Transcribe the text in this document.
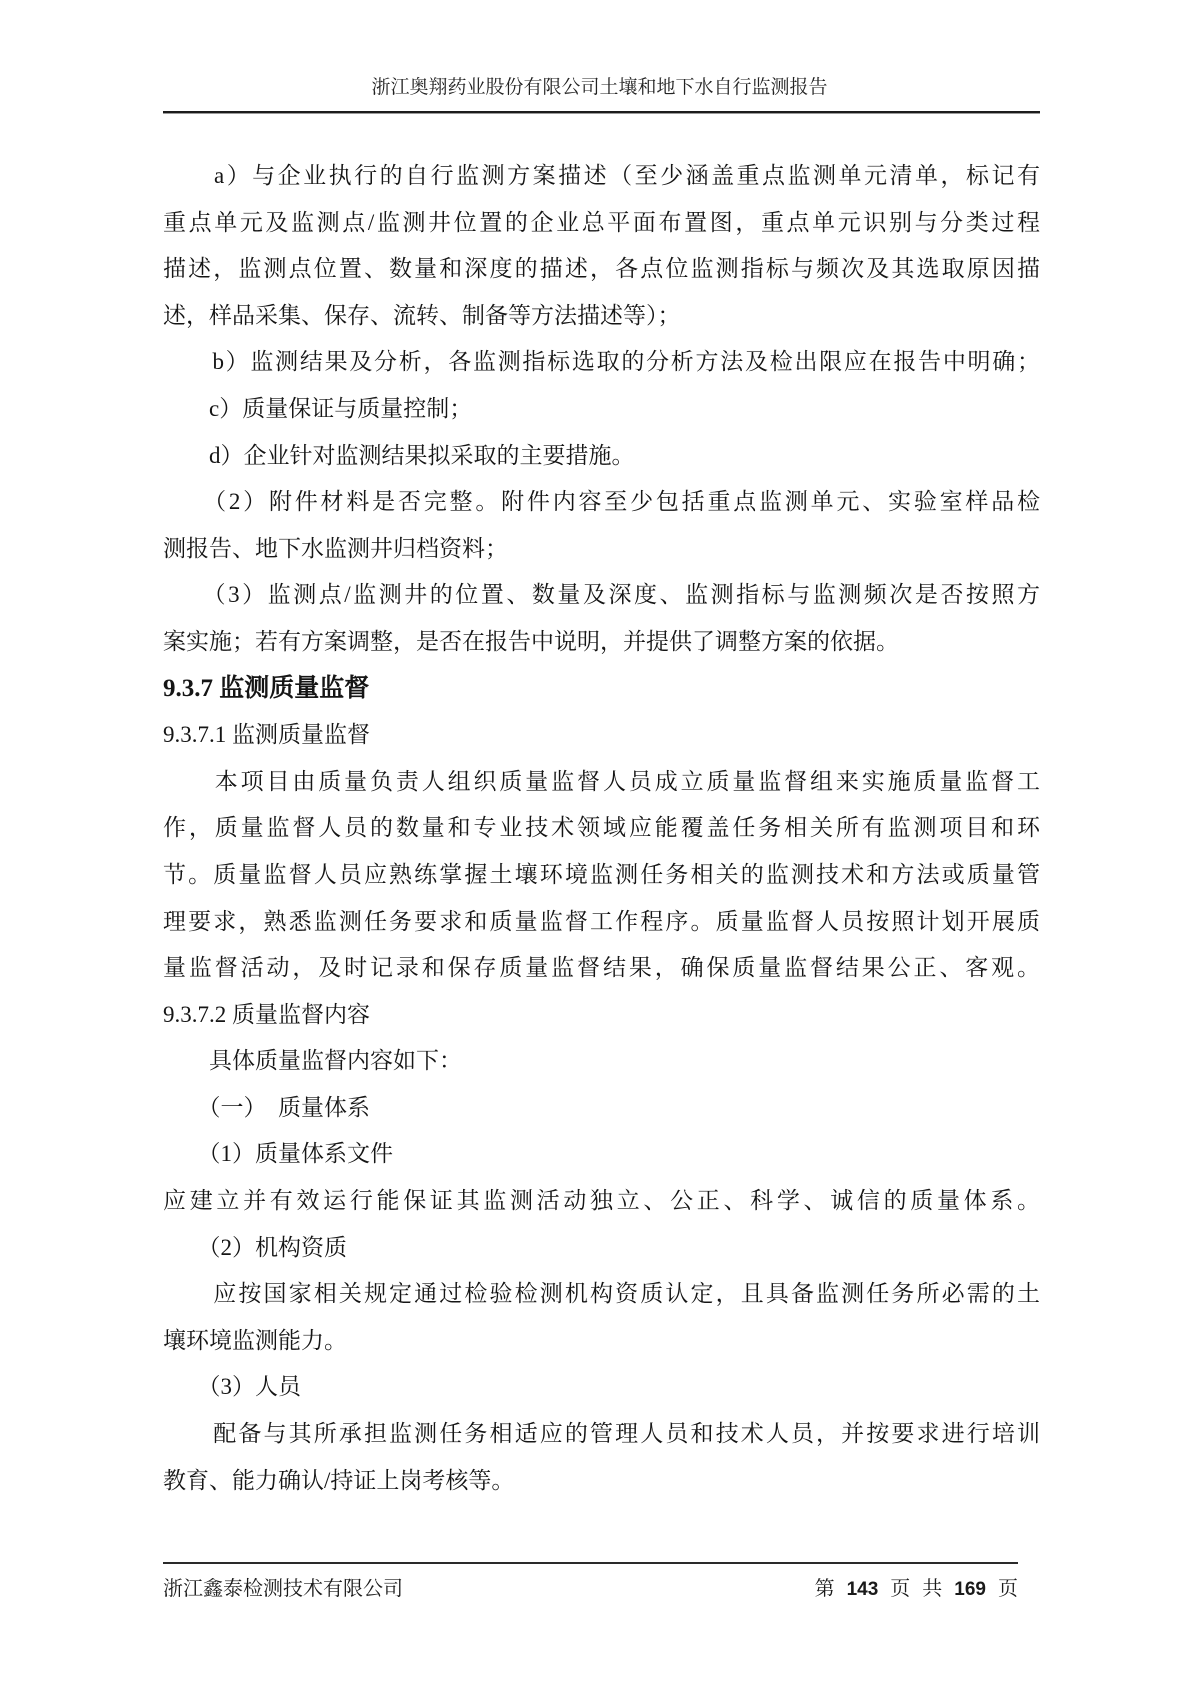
浙江奥翔药业股份有限公司土壤和地下水自行监测报告
　　a）与企业执行的自行监测方案描述（至少涵盖重点监测单元清单，标记有
重点单元及监测点/监测井位置的企业总平面布置图，重点单元识别与分类过程
描述，监测点位置、数量和深度的描述，各点位监测指标与频次及其选取原因描
述，样品采集、保存、流转、制备等方法描述等）；
　　b）监测结果及分析，各监测指标选取的分析方法及检出限应在报告中明确；
　　c）质量保证与质量控制；
　　d）企业针对监测结果拟采取的主要措施。
　　（2）附件材料是否完整。附件内容至少包括重点监测单元、实验室样品检
测报告、地下水监测井归档资料；
　　（3）监测点/监测井的位置、数量及深度、监测指标与监测频次是否按照方
案实施；若有方案调整，是否在报告中说明，并提供了调整方案的依据。
9.3.7 监测质量监督
9.3.7.1 监测质量监督
　　本项目由质量负责人组织质量监督人员成立质量监督组来实施质量监督工
作，质量监督人员的数量和专业技术领域应能覆盖任务相关所有监测项目和环
节。质量监督人员应熟练掌握土壤环境监测任务相关的监测技术和方法或质量管
理要求，熟悉监测任务要求和质量监督工作程序。质量监督人员按照计划开展质
量监督活动，及时记录和保存质量监督结果，确保质量监督结果公正、客观。
9.3.7.2 质量监督内容
　　具体质量监督内容如下：
　　（一）　质量体系
　　（1）质量体系文件
应建立并有效运行能保证其监测活动独立、公正、科学、诚信的质量体系。
　　（2）机构资质
　　应按国家相关规定通过检验检测机构资质认定，且具备监测任务所必需的土
壤环境监测能力。
　　（3）人员
　　配备与其所承担监测任务相适应的管理人员和技术人员，并按要求进行培训
教育、能力确认/持证上岗考核等。
浙江鑫泰检测技术有限公司	第 143 页 共 169 页
